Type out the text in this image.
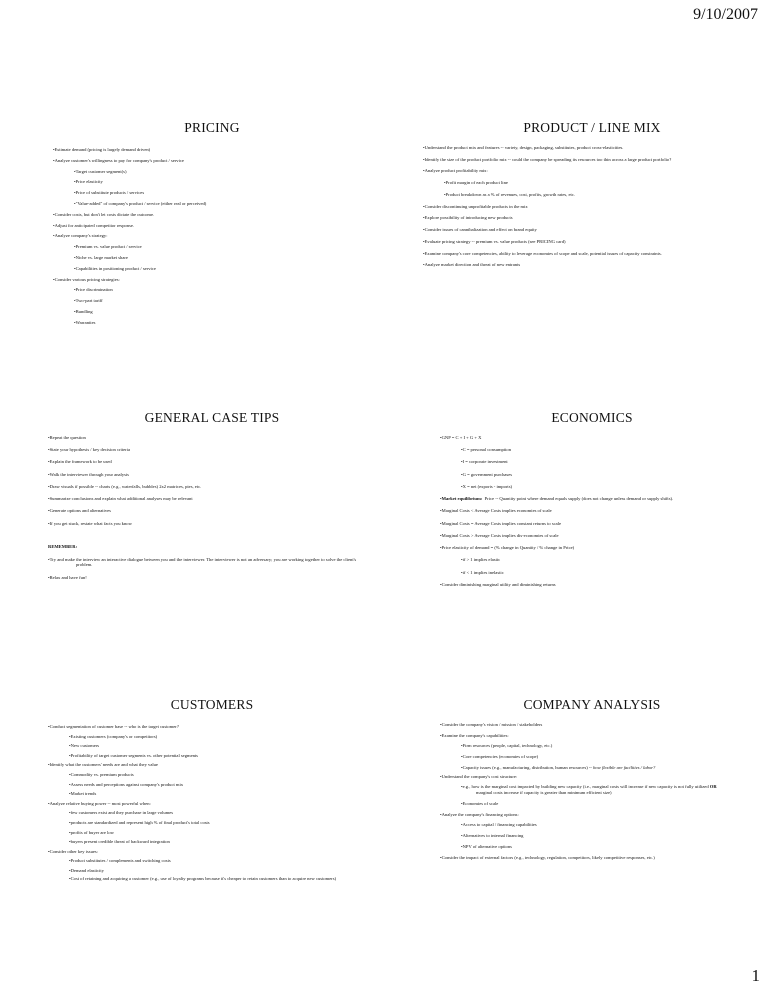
9/10/2007
PRICING

•Estimate demand (pricing is largely demand driven)

•Analyze customer's willingness to pay for company's product / service

•Target customer segment(s)

•Price elasticity

•Price of substitute products / services

•"Value-added" of company's product / service (either real or perceived)

•Consider costs, but don't let costs dictate the outcome.

•Adjust for anticipated competitor response.

•Analyze company's strategy:

•Premium vs. value product / service

•Niche vs. large market share

•Capabilities in positioning product / service

•Consider various pricing strategies:

•Price discrimination

•Two-part tariff

•Bundling

•Warranties

PRODUCT / LINE MIX

•Understand the product mix and features -- variety, design, packaging, substitutes, product cross-elasticities.

•Identify the size of the product portfolio mix -- could the company be spreading its resources too thin across a large product portfolio?

•Analyze product profitability mix:

•Profit margin of each product line

•Product breakdown as a % of revenues, cost, profits, growth rates, etc.

•Consider discontinuing unprofitable products in the mix

•Explore possibility of introducing new products

•Consider issues of cannibalization and effect on brand equity

•Evaluate pricing strategy -- premium vs. value products (see PRICING card)

•Examine company's core competencies, ability to leverage economies of scope and scale, potential issues of capacity constraints.

•Analyze market direction and threat of new entrants

GENERAL CASE TIPS

•Repeat the question

•State your hypothesis / key decision criteria

•Explain the framework to be used

•Walk the interviewer through your analysis

•Draw visuals if possible -- charts (e.g., waterfalls, bubbles) 2x2 matrices, pies, etc.

•Summarize conclusions and explain what additional analyses may be relevant

•Generate options and alternatives

•If you get stuck, restate what facts you know

REMEMBER:

•Try and make the interview an interactive dialogue between you and the interviewer. The interviewer is not an adversary; you are working together to solve the client's problem.

•Relax and have fun!

ECONOMICS

•GNP = C + I + G + X

•C = personal consumption

•I = corporate investment

•G = government purchases

•X = net (exports - imports)

•Market equilibrium: Price -- Quantity point where demand equals supply (does not change unless demand or supply shifts).

•Marginal Costs < Average Costs implies economies of scale

•Marginal Costs = Average Costs implies constant returns to scale

•Marginal Costs > Average Costs implies dis-economies of scale

•Price elasticity of demand = (% change in Quantity / % change in Price)

•if > 1 implies elastic

•if < 1 implies inelastic

•Consider diminishing marginal utility and diminishing returns

CUSTOMERS

•Conduct segmentation of customer base -- who is the target customer?

•Existing customers (company's or competitors)

•New customers

•Profitability of target customer segments vs. other potential segments

•Identify what the customers' needs are and what they value

•Commodity vs. premium products

•Assess needs and perceptions against company's product mix

•Market trends

•Analyze relative buying power -- most powerful when:

•few customers exist and they purchase in large volumes

•products are standardized and represent high % of final product's total costs

•profits of buyer are low

•buyers present credible threat of backward integration

•Consider other key issues:

•Product substitutes / complements and switching costs

•Demand elasticity

•Cost of retaining and acquiring a customer (e.g., use of loyalty programs because it's cheaper to retain customers than to acquire new customers)

COMPANY ANALYSIS

•Consider the company's vision / mission / stakeholders

•Examine the company's capabilities:

•Firm resources (people, capital, technology, etc.)

•Core competencies (economies of scope)

•Capacity issues (e.g., manufacturing, distribution, human resources) -- how flexible are facilities / labor?

•Understand the company's cost structure:

•e.g., how is the marginal cost impacted by building new capacity (i.e., marginal costs will increase if new capacity is not fully utilized OR marginal costs increase if capacity is greater than minimum efficient size)

•Economies of scale

•Analyze the company's financing options:

•Access to capital / financing capabilities

•Alternatives to internal financing

•NPV of alternative options

•Consider the impact of external factors (e.g., technology, regulation, competitors, likely competitive responses, etc.)

1
